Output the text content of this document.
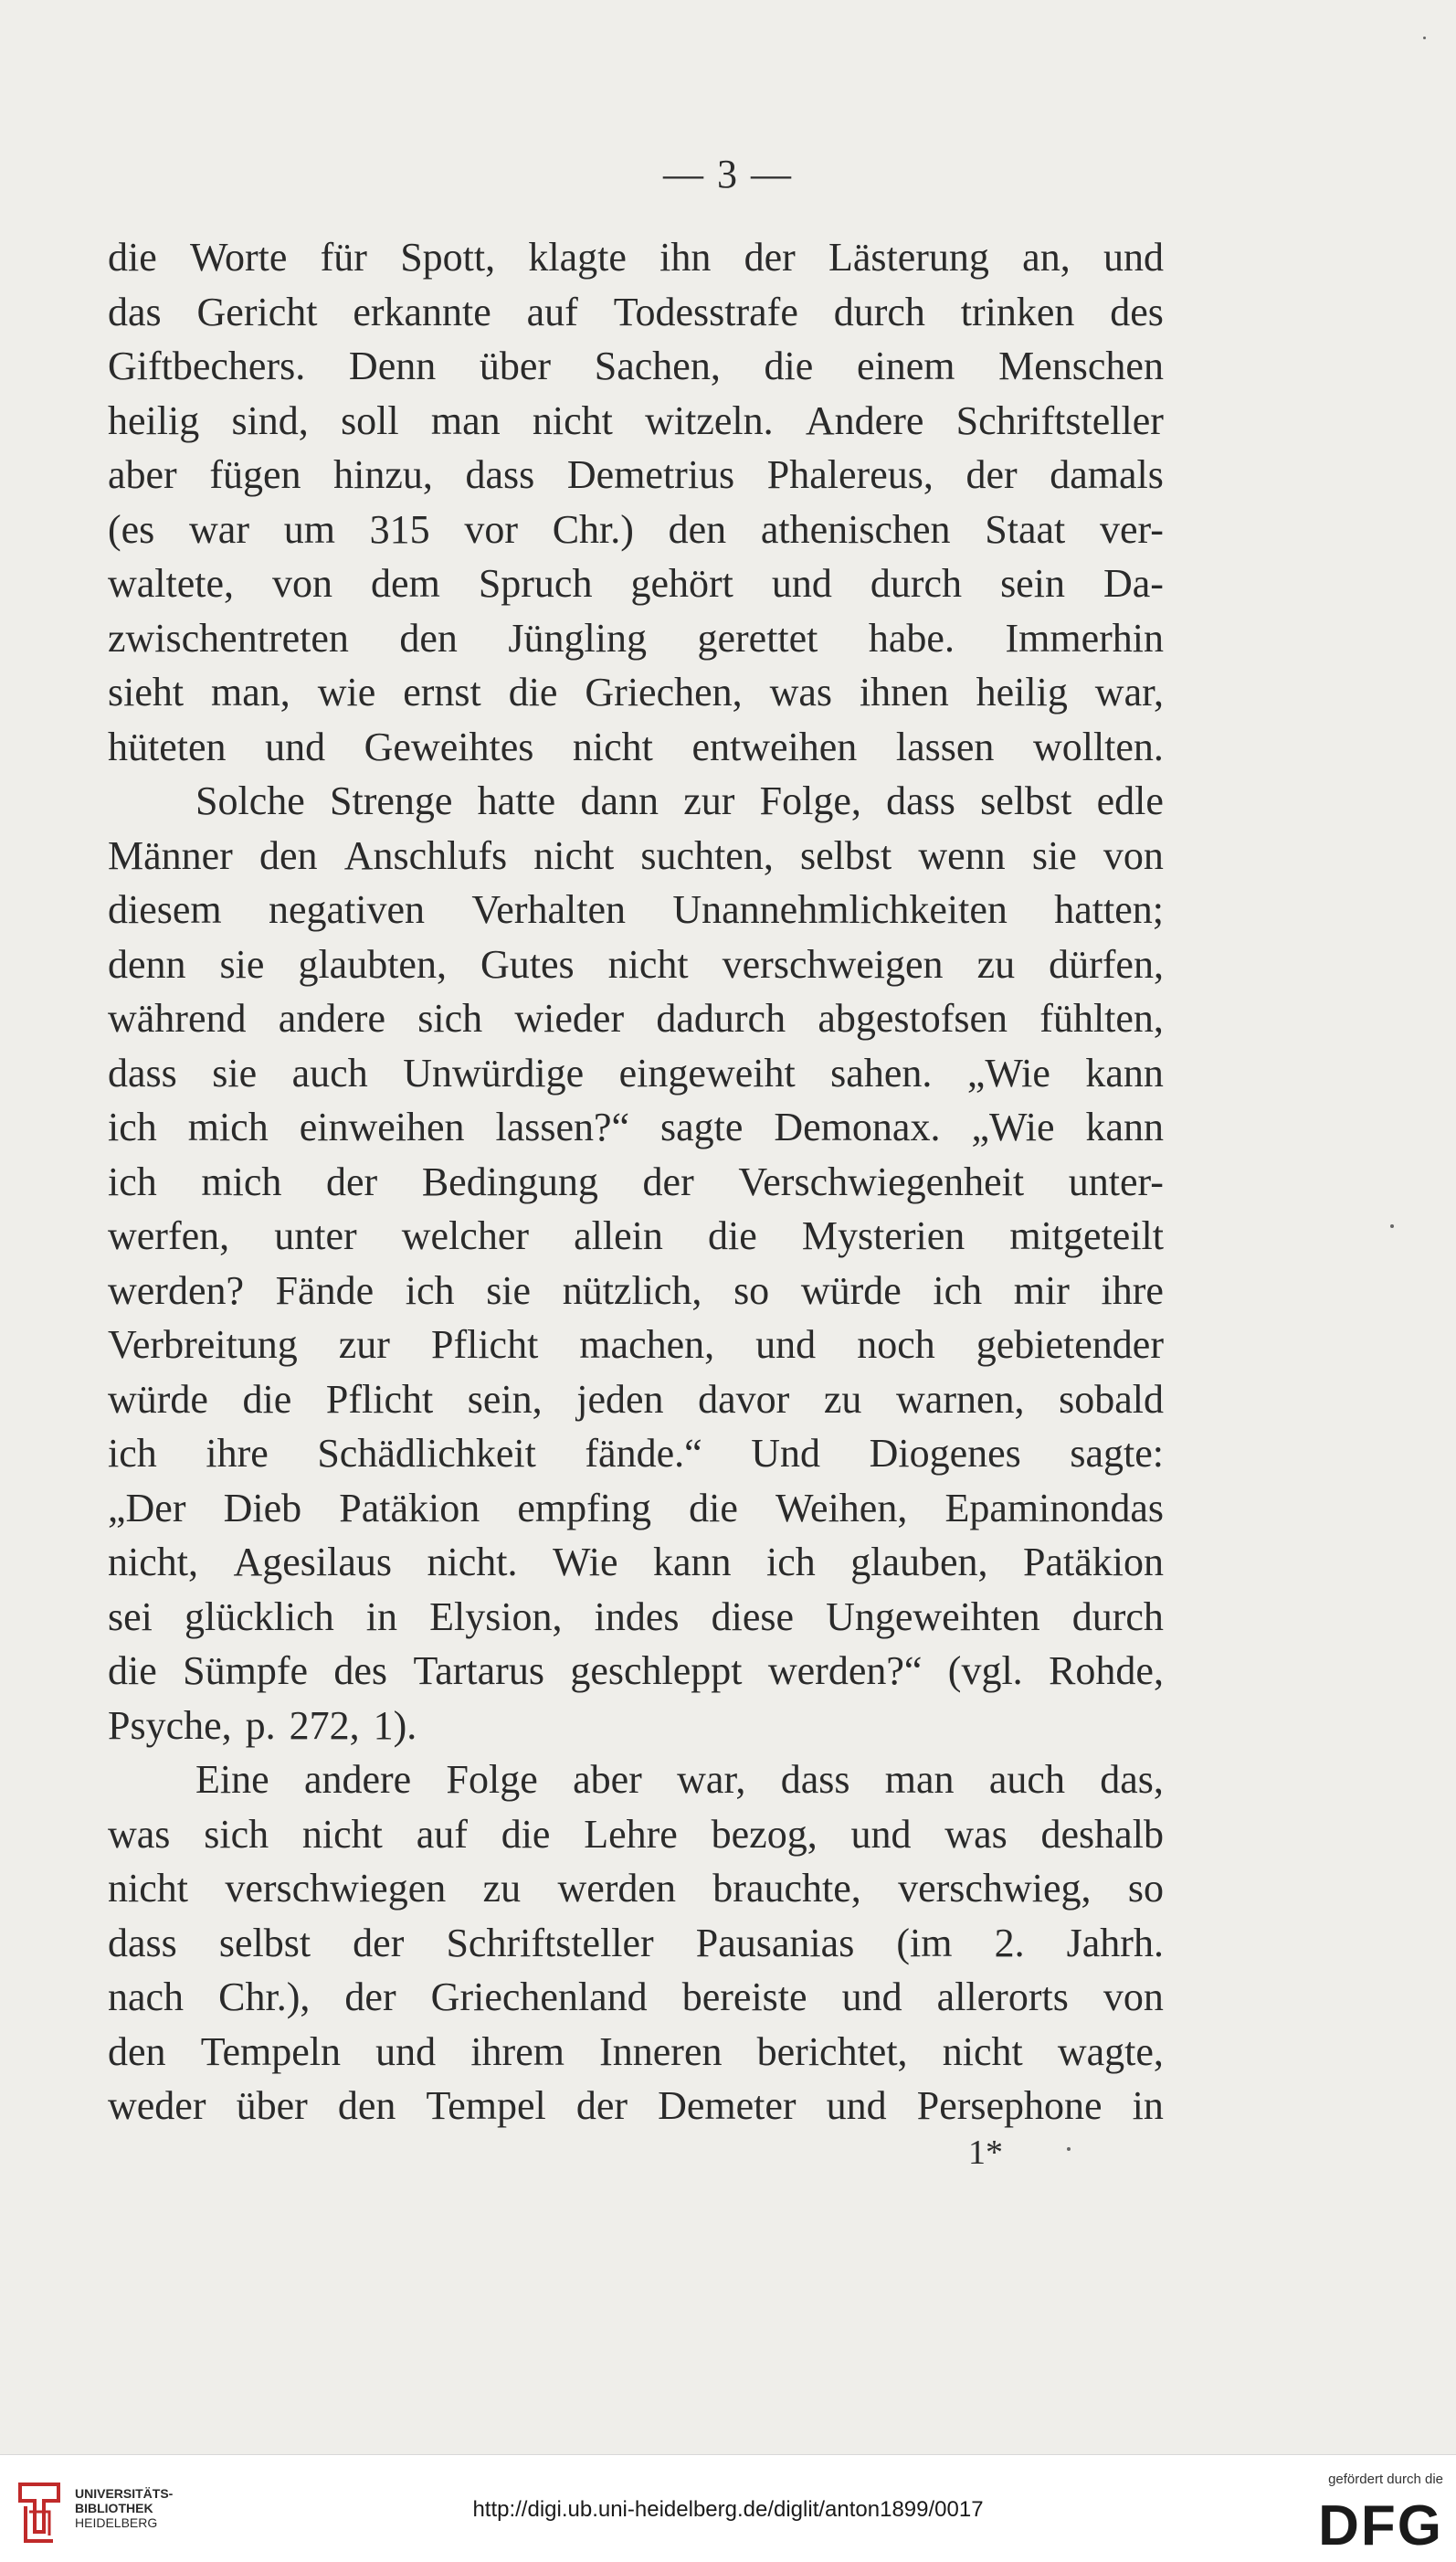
— 3 —
die Worte für Spott, klagte ihn der Lästerung an, und
das Gericht erkannte auf Todesstrafe durch trinken des
Giftbechers. Denn über Sachen, die einem Menschen
heilig sind, soll man nicht witzeln. Andere Schriftsteller
aber fügen hinzu, dass Demetrius Phalereus, der damals
(es war um 315 vor Chr.) den athenischen Staat ver-
waltete, von dem Spruch gehört und durch sein Da-
zwischentreten den Jüngling gerettet habe. Immerhin
sieht man, wie ernst die Griechen, was ihnen heilig war,
hüteten und Geweihtes nicht entweihen lassen wollten.
Solche Strenge hatte dann zur Folge, dass selbst edle
Männer den Anschlufs nicht suchten, selbst wenn sie von
diesem negativen Verhalten Unannehmlichkeiten hatten;
denn sie glaubten, Gutes nicht verschweigen zu dürfen,
während andere sich wieder dadurch abgestofsen fühlten,
dass sie auch Unwürdige eingeweiht sahen. „Wie kann
ich mich einweihen lassen?“ sagte Demonax. „Wie kann
ich mich der Bedingung der Verschwiegenheit unter-
werfen, unter welcher allein die Mysterien mitgeteilt
werden? Fände ich sie nützlich, so würde ich mir ihre
Verbreitung zur Pflicht machen, und noch gebietender
würde die Pflicht sein, jeden davor zu warnen, sobald
ich ihre Schädlichkeit fände.“ Und Diogenes sagte:
„Der Dieb Patäkion empfing die Weihen, Epaminondas
nicht, Agesilaus nicht. Wie kann ich glauben, Patäkion
sei glücklich in Elysion, indes diese Ungeweihten durch
die Sümpfe des Tartarus geschleppt werden?“ (vgl. Rohde,
Psyche, p. 272, 1).
Eine andere Folge aber war, dass man auch das,
was sich nicht auf die Lehre bezog, und was deshalb
nicht verschwiegen zu werden brauchte, verschwieg, so
dass selbst der Schriftsteller Pausanias (im 2. Jahrh.
nach Chr.), der Griechenland bereiste und allerorts von
den Tempeln und ihrem Inneren berichtet, nicht wagte,
weder über den Tempel der Demeter und Persephone in
1*
UNIVERSITÄTS-
BIBLIOTHEK
HEIDELBERG
http://digi.ub.uni-heidelberg.de/diglit/anton1899/0017
gefördert durch die
DFG
